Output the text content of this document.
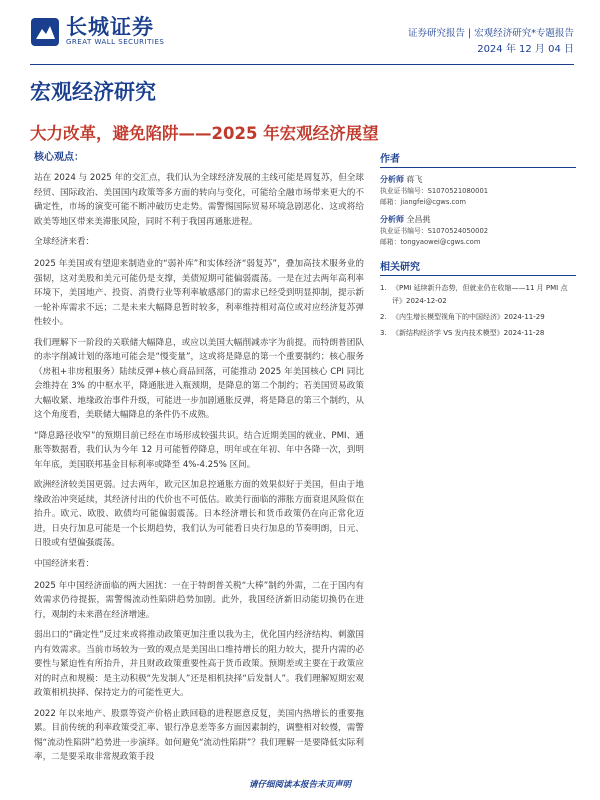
长城证券
GREAT WALL SECURITIES
证券研究报告 | 宏观经济研究*专题报告
2024 年 12 月 04 日
宏观经济研究
大力改革，避免陷阱——2025 年宏观经济展望
核心观点：

站在 2024 与 2025 年的交汇点，我们认为全球经济发展的主线可能是周复苏，但全球经贸、国际政治、美国国内政策等多方面的转向与变化，可能给全融市场带来更大的不确定性，市场的演变可能不断冲破历史走势。需警惕国际贸易环境急剧恶化、这或将给欧美等地区带来美滞胀风险，同时不利于我国再通胀进程。

全球经济来看：

2025 年美国或有望迎来制造业的“弱补库”和实体经济“弱复苏”，叠加高技术服务业的强韧，这对美股和美元可能仍是支撑，美债短期可能偏弱震荡。一是在过去两年高利率环境下，美国地产、投资、消费行业等利率敏感部门的需求已经受到明显抑制，提示新一轮补库需求不远；二是未来大幅降息暂时较多，利率维持相对高位或对应经济复苏弹性较小。

我们理解下一阶段的关联储大幅降息，或应以美国大幅削减赤字为前提。而特朗普团队的赤字削减计划的落地可能会是“慢变量”，这或将是降息的第一个重要制约；核心服务（房租+非房租服务）陆续反弹+核心商品回落，可能推动 2025 年美国核心 CPI 同比会维持在 3% 的中枢水平，降通胀进入瓶颈期，是降息的第二个制约；若美国贸易政策大幅收紧、地缘政治事件升级，可能进一步加剧通胀反弹，将是降息的第三个制约，从这个角度看，美联储大幅降息的条件仍不成熟。

“降息路径收窄”的预期目前已经在市场形成较强共识。结合近期美国的就业、PMI、通胀等数据看，我们认为今年 12 月可能暂停降息，明年或在年初、年中各降一次，到明年年底，美国联邦基金目标利率或降至 4%-4.25% 区间。

欧洲经济较美国更弱。过去两年，欧元区加息控通胀方面的效果似好于美国，但由于地缘政治冲突延续，其经济付出的代价也不可低估。欧美行面临的滞胀方面衰退风险似在抬升。欧元、欧股、欧债均可能偏弱震荡。日本经济增长和货币政策仍在向正常化迈进，日央行加息可能是一个长期趋势，我们认为可能看日央行加息的节奏明朗，日元、日股或有望偏强震荡。

中国经济来看：

2025 年中国经济面临的两大困扰：一在于特朗普关税“大棒”制约外需，二在于国内有效需求仍待提振，需警惕流动性陷阱趋势加剧。此外，我国经济新旧动能切换仍在进行，观制约未来潜在经济增速。

弱出口的“确定性”反过来或将推动政策更加注重以我为主，优化国内经济结构、刺激国内有效需求。当前市场较为一致的观点是美国出口维持增长的阻力较大，提升内需的必要性与紧迫性有所抬升，并且财政政策重要性高于货币政策。预期差或主要在于政策应对的时点和规模：是主动积极“先发制人”还是相机抉择“后发制人”。我们理解短期宏观政策相机抉择、保持定力的可能性更大。

2022 年以来地产、股票等资产价格止跌回稳的进程愿意反复，美国内热增长的重要拖累。目前传统的利率政策受汇率、银行净息差等多方面因素制约，调整相对较慢，需警惕“流动性陷阱”趋势进一步演绎。如何避免“流动性陷阱”？我们理解一是要降低实际利率，二是要采取非常规政策手段

作者
分析师 蒋飞
执业证书编号：S1070521080001
邮箱：jiangfei@cgws.com
分析师 全昌挑
执业证书编号：S1070524050002
邮箱：tongyaowei@cgws.com
相关研究
1. 《PMI 延续新升态势，但就业仍在收缩——11 月 PMI 点评》2024-12-02
2. 《内生增长模型视角下的中国经济》2024-11-29
3. 《新结构经济学 VS 发内技术模型》2024-11-28
请仔细阅读本报告末页声明
